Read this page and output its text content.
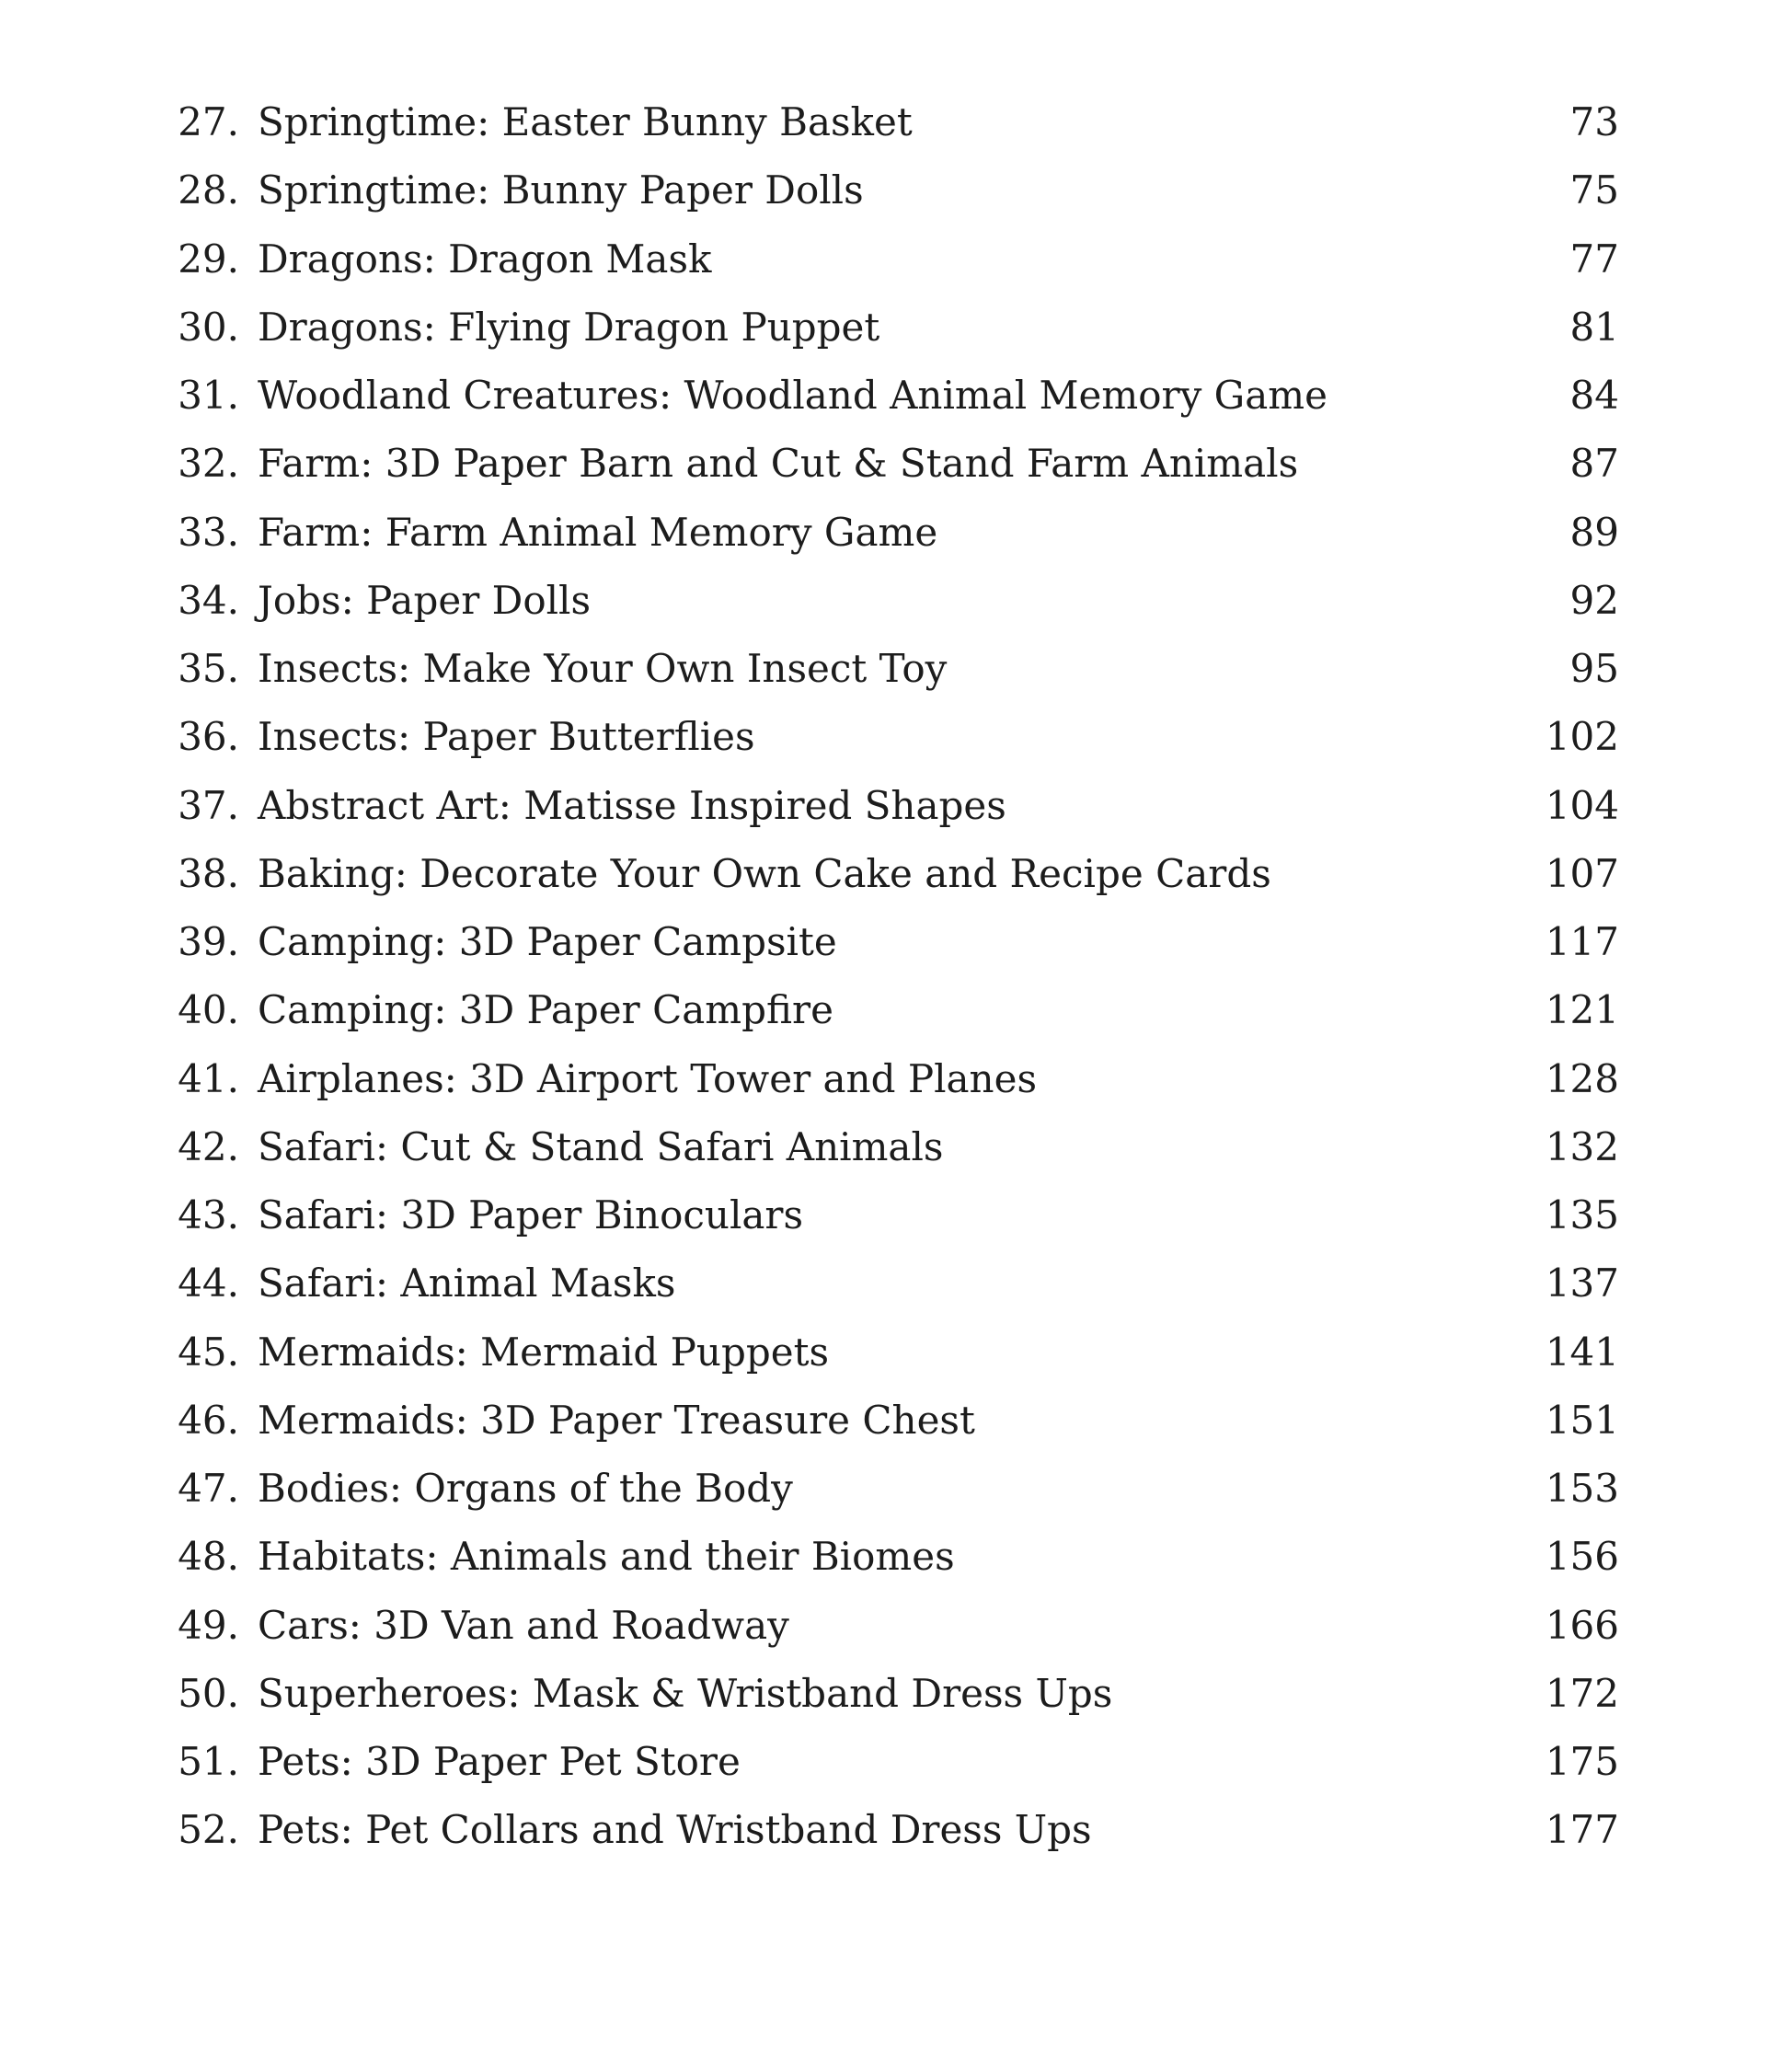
27. Springtime: Easter Bunny Basket	73
28. Springtime: Bunny Paper Dolls	75
29. Dragons: Dragon Mask	77
30. Dragons: Flying Dragon Puppet	81
31. Woodland Creatures: Woodland Animal Memory Game	84
32. Farm: 3D Paper Barn and Cut & Stand Farm Animals	87
33. Farm: Farm Animal Memory Game	89
34. Jobs: Paper Dolls	92
35. Insects: Make Your Own Insect Toy	95
36. Insects: Paper Butterflies	102
37. Abstract Art: Matisse Inspired Shapes	104
38. Baking: Decorate Your Own Cake and Recipe Cards	107
39. Camping: 3D Paper Campsite	117
40. Camping: 3D Paper Campfire	121
41. Airplanes: 3D Airport Tower and Planes	128
42. Safari: Cut & Stand Safari Animals	132
43. Safari: 3D Paper Binoculars	135
44. Safari: Animal Masks	137
45. Mermaids: Mermaid Puppets	141
46. Mermaids: 3D Paper Treasure Chest	151
47. Bodies: Organs of the Body	153
48. Habitats: Animals and their Biomes	156
49. Cars: 3D Van and Roadway	166
50. Superheroes: Mask & Wristband Dress Ups	172
51. Pets: 3D Paper Pet Store	175
52. Pets: Pet Collars and Wristband Dress Ups	177
